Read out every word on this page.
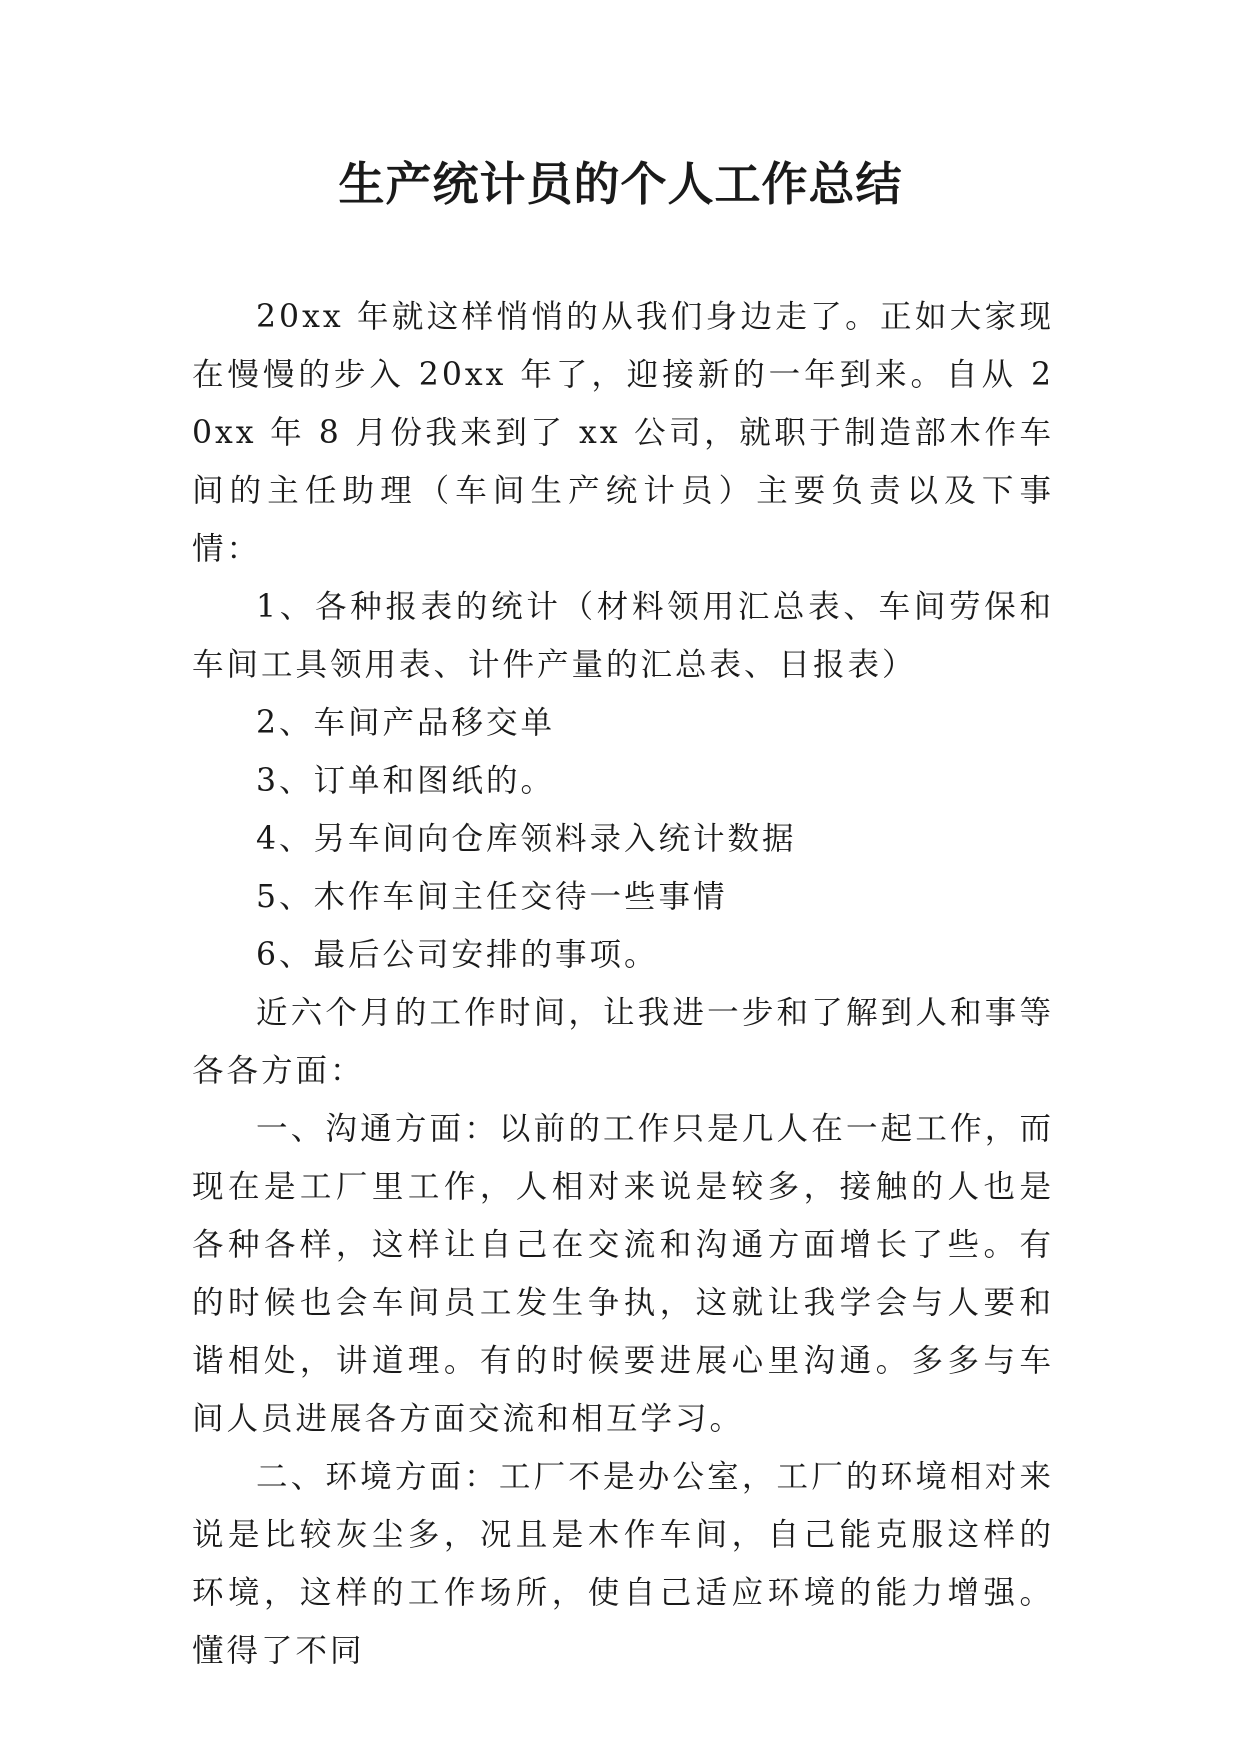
生产统计员的个人工作总结

20xx 年就这样悄悄的从我们身边走了。正如大家现在慢慢的步入 20xx 年了，迎接新的一年到来。自从 20xx 年 8 月份我来到了 xx 公司，就职于制造部木作车间的主任助理（车间生产统计员）主要负责以及下事情：

1、各种报表的统计（材料领用汇总表、车间劳保和车间工具领用表、计件产量的汇总表、日报表）

2、车间产品移交单

3、订单和图纸的。

4、另车间向仓库领料录入统计数据

5、木作车间主任交待一些事情

6、最后公司安排的事项。

近六个月的工作时间，让我进一步和了解到人和事等各各方面：

一、沟通方面：以前的工作只是几人在一起工作，而现在是工厂里工作，人相对来说是较多，接触的人也是各种各样，这样让自己在交流和沟通方面增长了些。有的时候也会车间员工发生争执，这就让我学会与人要和谐相处，讲道理。有的时候要进展心里沟通。多多与车间人员进展各方面交流和相互学习。

二、环境方面：工厂不是办公室，工厂的环境相对来说是比较灰尘多，况且是木作车间，自己能克服这样的环境，这样的工作场所，使自己适应环境的能力增强。懂得了不同
